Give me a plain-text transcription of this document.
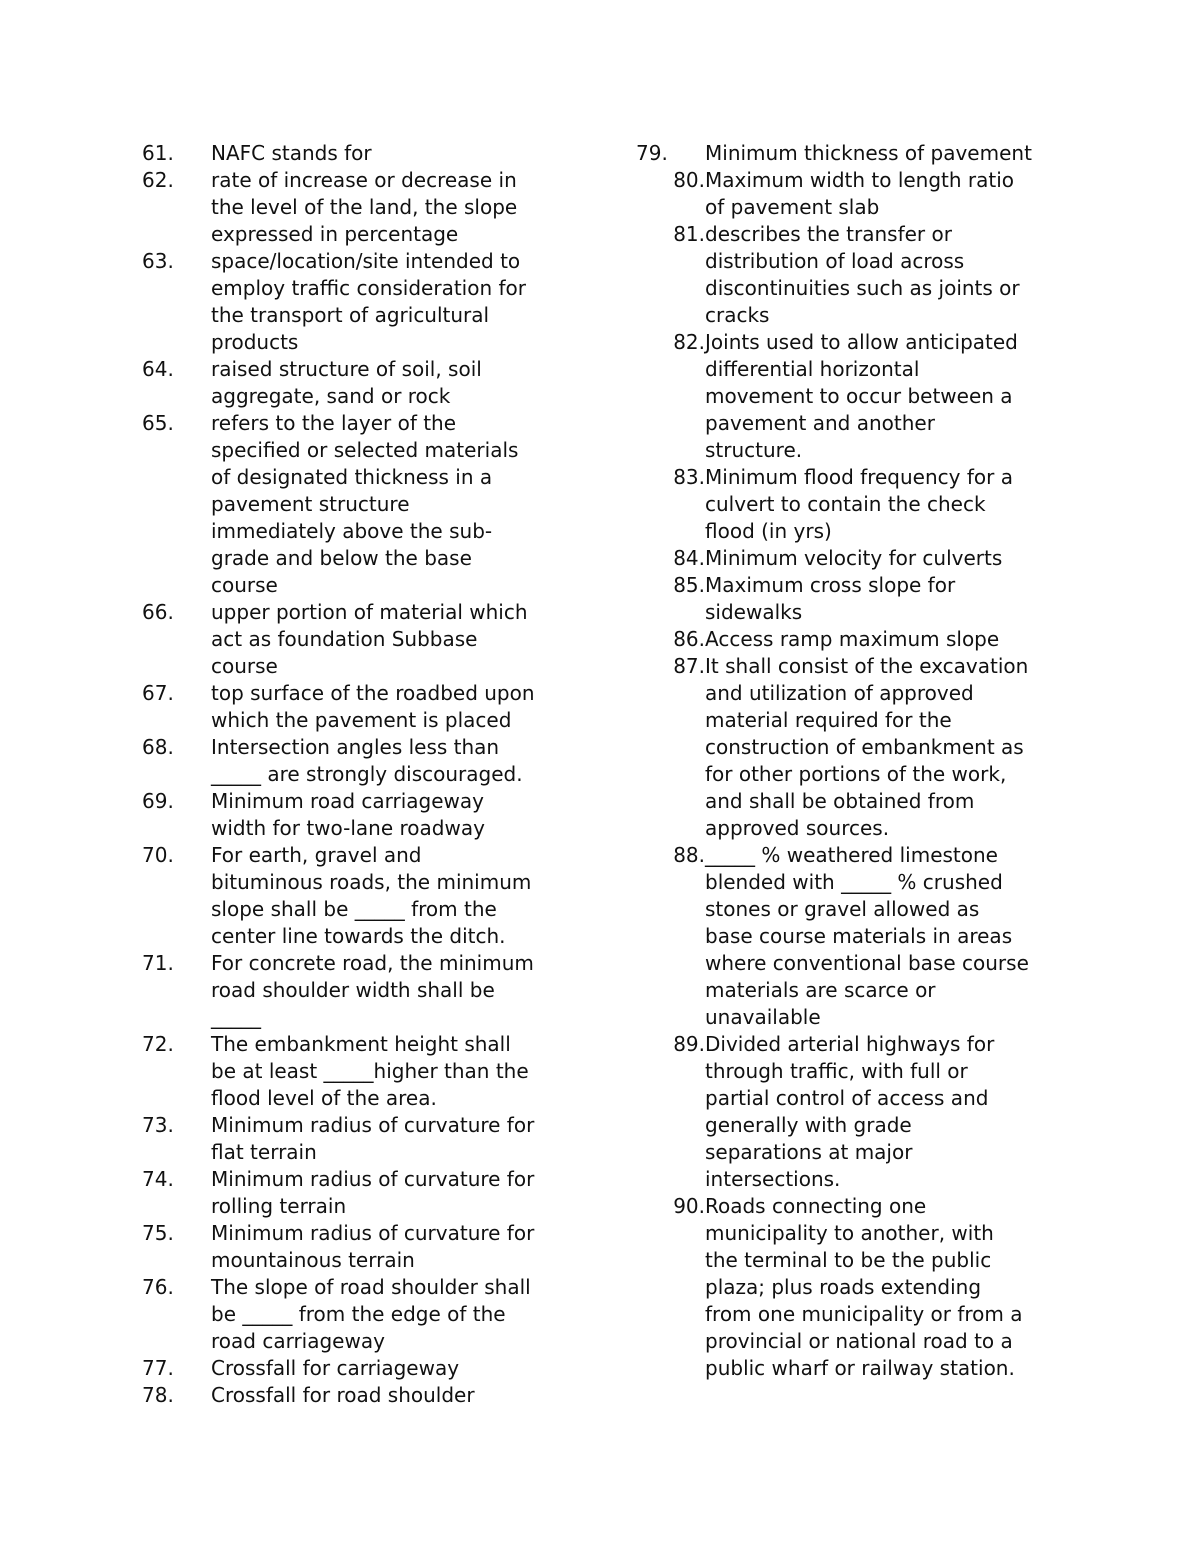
61.	NAFC stands for
62.	rate of increase or decrease in
the level of the land, the slope
expressed in percentage
63.	space/location/site intended to
employ traffic consideration for
the transport of agricultural
products
64.	raised structure of soil, soil
aggregate, sand or rock
65.	refers to the layer of the
specified or selected materials
of designated thickness in a
pavement structure
immediately above the sub-
grade and below the base
course
66.	upper portion of material which
act as foundation Subbase
course
67.	top surface of the roadbed upon
which the pavement is placed
68.	Intersection angles less than
_____ are strongly discouraged.
69.	Minimum road carriageway
width for two-lane roadway
70.	For earth, gravel and
bituminous roads, the minimum
slope shall be _____ from the
center line towards the ditch.
71.	For concrete road, the minimum
road shoulder width shall be
_____
72.	The embankment height shall
be at least _____higher than the
flood level of the area.
73.	Minimum radius of curvature for
flat terrain
74.	Minimum radius of curvature for
rolling terrain
75.	Minimum radius of curvature for
mountainous terrain
76.	The slope of road shoulder shall
be _____ from the edge of the
road carriageway
77.	Crossfall for carriageway
78.	Crossfall for road shoulder
79.	Minimum thickness of pavement
80. Maximum width to length ratio
of pavement slab
81. describes the transfer or
distribution of load across
discontinuities such as joints or
cracks
82. Joints used to allow anticipated
differential horizontal
movement to occur between a
pavement and another
structure.
83. Minimum flood frequency for a
culvert to contain the check
flood (in yrs)
84. Minimum velocity for culverts
85. Maximum cross slope for
sidewalks
86. Access ramp maximum slope
87. It shall consist of the excavation
and utilization of approved
material required for the
construction of embankment as
for other portions of the work,
and shall be obtained from
approved sources.
88. _____ % weathered limestone
blended with _____ % crushed
stones or gravel allowed as
base course materials in areas
where conventional base course
materials are scarce or
unavailable
89. Divided arterial highways for
through traffic, with full or
partial control of access and
generally with grade
separations at major
intersections.
90. Roads connecting one
municipality to another, with
the terminal to be the public
plaza; plus roads extending
from one municipality or from a
provincial or national road to a
public wharf or railway station.
